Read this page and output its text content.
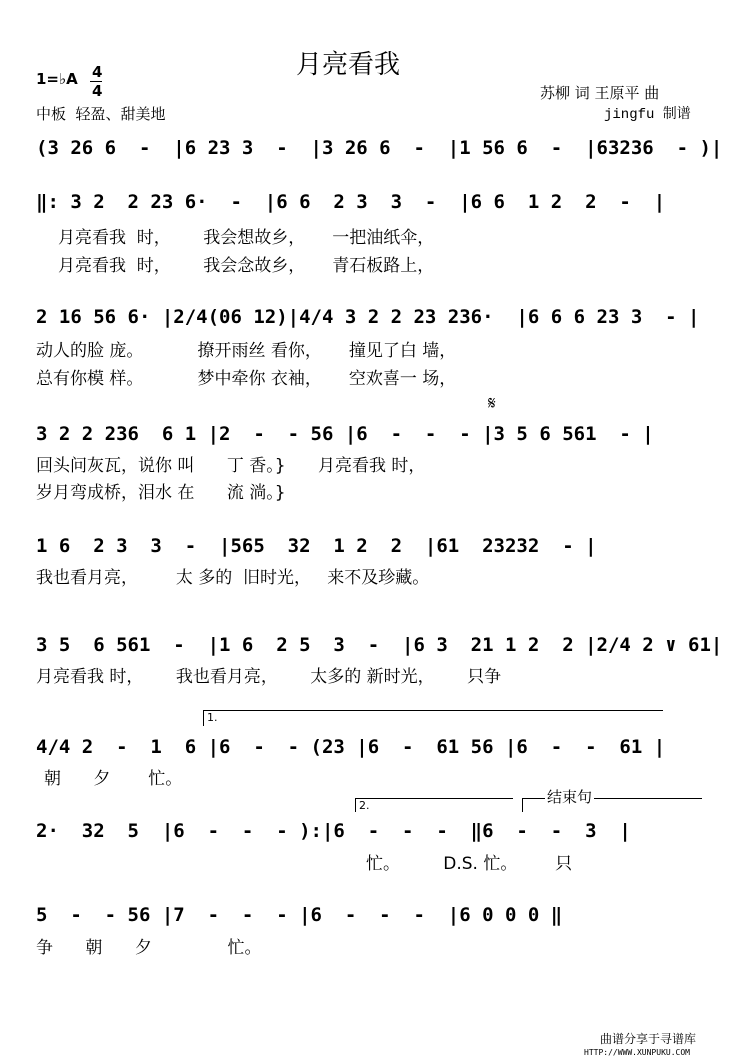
月亮看我
1=♭A 4
4
中板  轻盈、甜美地
苏柳 词 王原平 曲
jingfu 制谱
(3 26 6  -  |6 23 3  -  |3 26 6  -  |1 56 6  -  |63236  - )|
‖: 3 2  2 23 6·  -  |6 6  2 3  3  -  |6 6  1 2  2  -  |
月亮看我  时，      我会想故乡，     一把油纸伞，
月亮看我  时，      我会念故乡，     青石板路上，
2 16 56 6· |2/4(06 12)|4/4 3 2 2 23 236·  |6 6 6 23 3  - |
动人的脸 庞。          撩开雨丝 看你，     撞见了白 墙，
总有你模 样。          梦中牵你 衣袖，     空欢喜一 场，
𝄋
3 2 2 236  6 1 |2  -  - 56 |6  -  -  - |3 5 6 561  - |
回头问灰瓦，说你 叫      丁 香。}      月亮看我 时，
岁月弯成桥，泪水 在      流 淌。}
1 6  2 3  3  -  |565  32  1 2  2  |61  23232  - |
我也看月亮，       太 多的  旧时光，   来不及珍藏。
3 5  6 561  -  |1 6  2 5  3  -  |6 3  21 1 2  2 |2/4 2 ∨ 61|
月亮看我 时，      我也看月亮，      太多的 新时光，      只争
1.
4/4 2  -  1  6 |6  -  - (23 |6  -  61 56 |6  -  -  61 |
朝      夕       忙。
2.
2·  32  5  |6  -  -  - ):|6  -  -  -  ‖6  -  -  3  |
忙。        D.S. 忙。       只
结束句
5  -  - 56 |7  -  -  - |6  -  -  -  |6 0 0 0 ‖
争      朝      夕              忙。
曲谱分享于寻谱库
HTTP://WWW.XUNPUKU.COM
